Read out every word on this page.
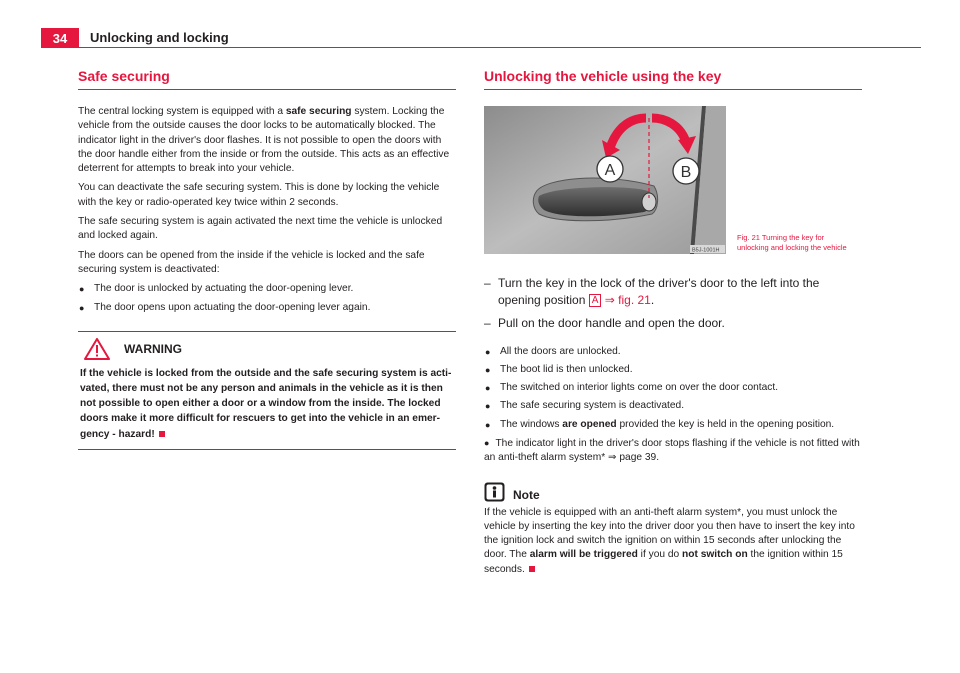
34	Unlocking and locking
Safe securing

The central locking system is equipped with a safe securing system. Locking the vehicle from the outside causes the door locks to be automatically blocked. The indicator light in the driver's door flashes. It is not possible to open the doors with the door handle either from the inside or from the outside. This acts as an effective deterrent for attempts to break into your vehicle.

You can deactivate the safe securing system. This is done by locking the vehicle with the key or radio-operated key twice within 2 seconds.

The safe securing system is again activated the next time the vehicle is unlocked and locked again.

The doors can be opened from the inside if the vehicle is locked and the safe securing system is deactivated:

● The door is unlocked by actuating the door-opening lever.
● The door opens upon actuating the door-opening lever again.
WARNING

If the vehicle is locked from the outside and the safe securing system is acti-vated, there must not be any person and animals in the vehicle as it is then not possible to open either a door or a window from the inside. The locked doors make it more difficult for rescuers to get into the vehicle in an emer-gency - hazard!

Unlocking the vehicle using the key
A	B
B5J-1001H
Fig. 21 Turning the key for unlocking and locking the vehicle
– Turn the key in the lock of the driver's door to the left into the opening position A ⇒ fig. 21.
– Pull on the door handle and open the door.
● All the doors are unlocked.
● The boot lid is then unlocked.
● The switched on interior lights come on over the door contact.
● The safe securing system is deactivated.
● The windows are opened provided the key is held in the opening position.
● The indicator light in the driver's door stops flashing if the vehicle is not fitted with an anti-theft alarm system* ⇒ page 39.
Note

If the vehicle is equipped with an anti-theft alarm system*, you must unlock the vehicle by inserting the key into the driver door you then have to insert the key into the ignition lock and switch the ignition on within 15 seconds after unlocking the door. The alarm will be triggered if you do not switch on the ignition within 15 seconds.
